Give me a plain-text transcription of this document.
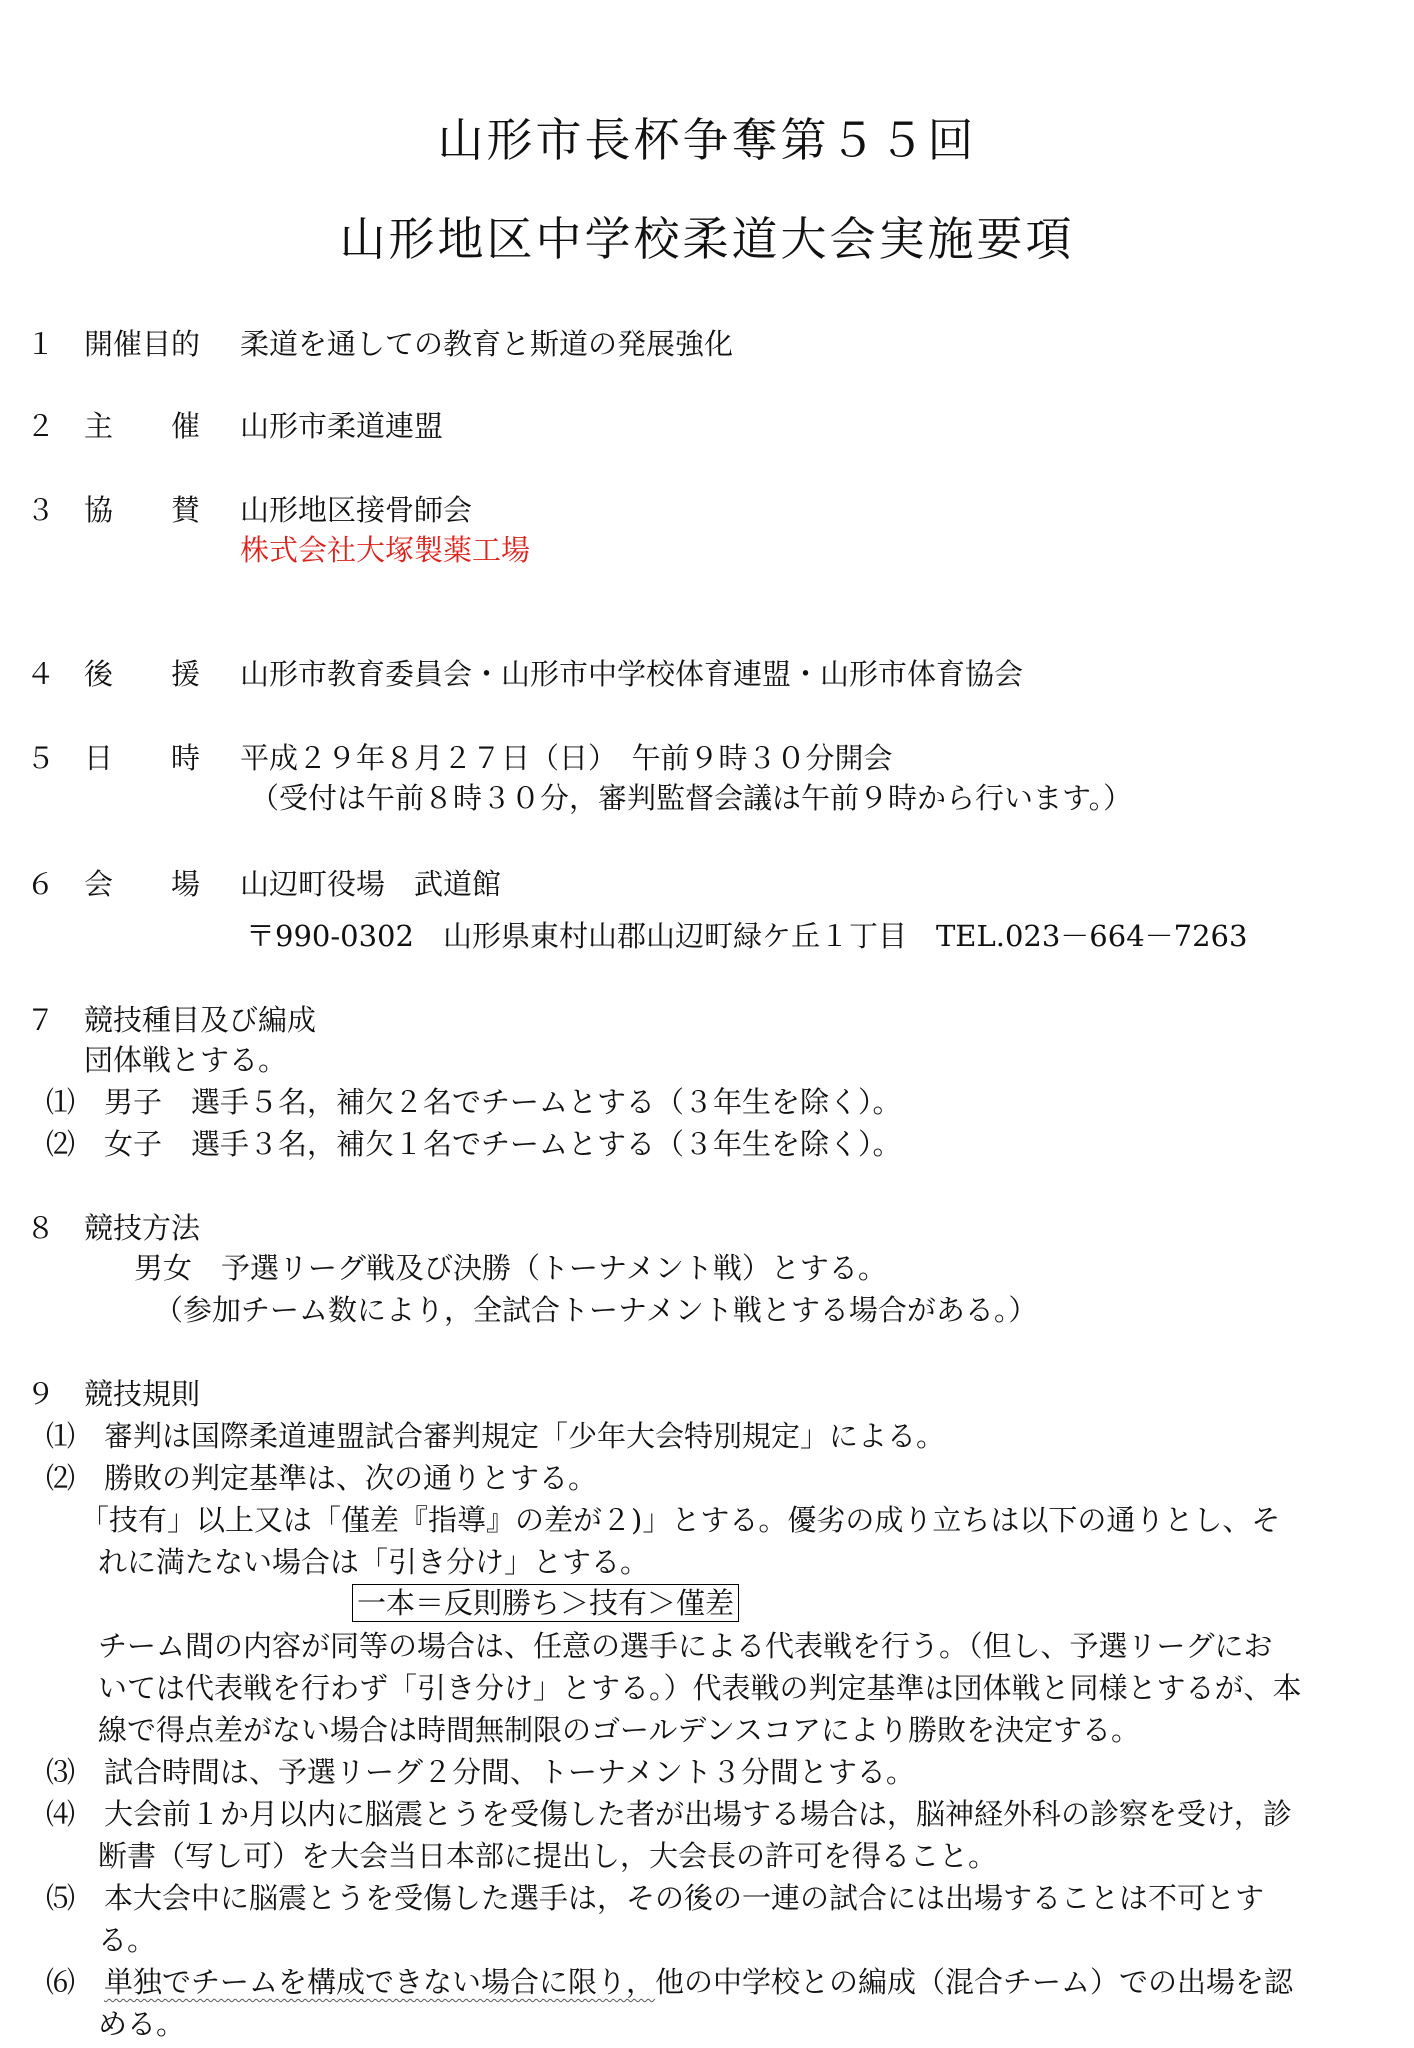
山形市長杯争奪第５５回
山形地区中学校柔道大会実施要項
１ 開催目的 柔道を通しての教育と斯道の発展強化
２ 主　　催 山形市柔道連盟
３ 協　　賛 山形地区接骨師会
株式会社大塚製薬工場
４ 後　　援 山形市教育委員会・山形市中学校体育連盟・山形市体育協会
５ 日　　時 平成２９年８月２７日（日）　午前９時３０分開会
（受付は午前８時３０分，審判監督会議は午前９時から行います。）
６ 会　　場 山辺町役場　武道館
〒990-0302　山形県東村山郡山辺町緑ケ丘１丁目　TEL.023－664－7263
７ 競技種目及び編成
団体戦とする。
⑴　男子　選手５名，補欠２名でチームとする（３年生を除く）。
⑵　女子　選手３名，補欠１名でチームとする（３年生を除く）。
８ 競技方法
男女　予選リーグ戦及び決勝（トーナメント戦）とする。
（参加チーム数により，全試合トーナメント戦とする場合がある。）
９ 競技規則
⑴　審判は国際柔道連盟試合審判規定「少年大会特別規定」による。
⑵　勝敗の判定基準は、次の通りとする。
「技有」以上又は「僅差『指導』の差が２)」とする。優劣の成り立ちは以下の通りとし、そ
れに満たない場合は「引き分け」とする。
一本＝反則勝ち＞技有＞僅差
チーム間の内容が同等の場合は、任意の選手による代表戦を行う。（但し、予選リーグにお
いては代表戦を行わず「引き分け」とする。）代表戦の判定基準は団体戦と同様とするが、本
線で得点差がない場合は時間無制限のゴールデンスコアにより勝敗を決定する。
⑶　試合時間は、予選リーグ２分間、トーナメント３分間とする。
⑷　大会前１か月以内に脳震とうを受傷した者が出場する場合は，脳神経外科の診察を受け，診
断書（写し可）を大会当日本部に提出し，大会長の許可を得ること。
⑸　本大会中に脳震とうを受傷した選手は，その後の一連の試合には出場することは不可とす
る。
⑹　単独でチームを構成できない場合に限り，他の中学校との編成（混合チーム）での出場を認
める。
